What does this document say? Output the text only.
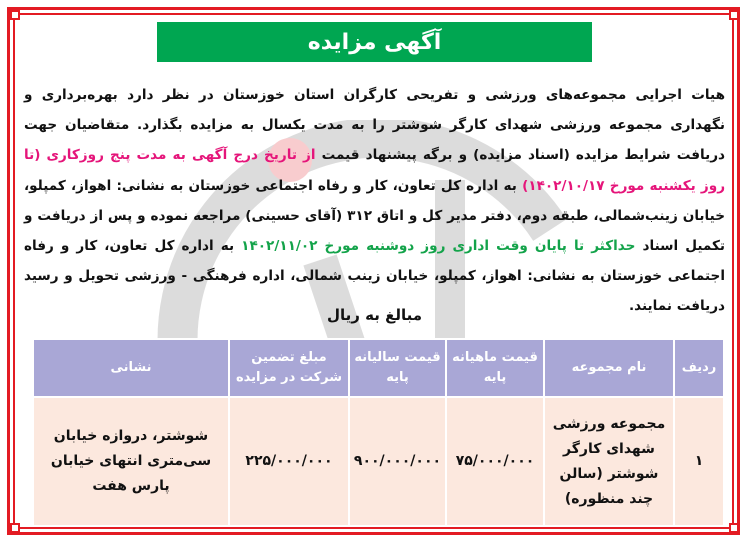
آگهی مزایده
هیات اجرایی مجموعه‌های ورزشی و تفریحی کارگران استان خوزستان در نظر دارد بهره‌برداری و نگهداری مجموعه ورزشی شهدای کارگر شوشتر را به مدت یکسال به مزایده بگذارد. متقاضیان جهت دریافت شرایط مزایده (اسناد مزایده) و برگه پیشنهاد قیمت از تاریخ درج آگهی به مدت پنج روزکاری (تا روز یکشنبه مورخ ۱۴۰۲/۱۰/۱۷) به اداره کل تعاون، کار و رفاه اجتماعی خوزستان به نشانی: اهواز، کمپلو، خیابان زینب‌شمالی، طبقه دوم، دفتر مدیر کل و اتاق ۳۱۲ (آقای حسینی) مراجعه نموده و پس از دریافت و تکمیل اسناد حداکثر تا پایان وقت اداری روز دوشنبه مورخ ۱۴۰۲/۱۱/۰۲ به اداره کل تعاون، کار و رفاه اجتماعی خوزستان به نشانی: اهواز، کمپلو، خیابان زینب شمالی، اداره فرهنگی - ورزشی تحویل و رسید دریافت نمایند.
مبالغ به ریال
ردیف	نام مجموعه	قیمت ماهیانه پایه	قیمت سالیانه پایه	مبلغ تضمین شرکت در مزایده	نشانی
۱	مجموعه ورزشی شهدای کارگر شوشتر (سالن چند منظوره)	۷۵/۰۰۰/۰۰۰	۹۰۰/۰۰۰/۰۰۰	۲۲۵/۰۰۰/۰۰۰	شوشتر، دروازه خیابان سی‌متری انتهای خیابان پارس هفت
